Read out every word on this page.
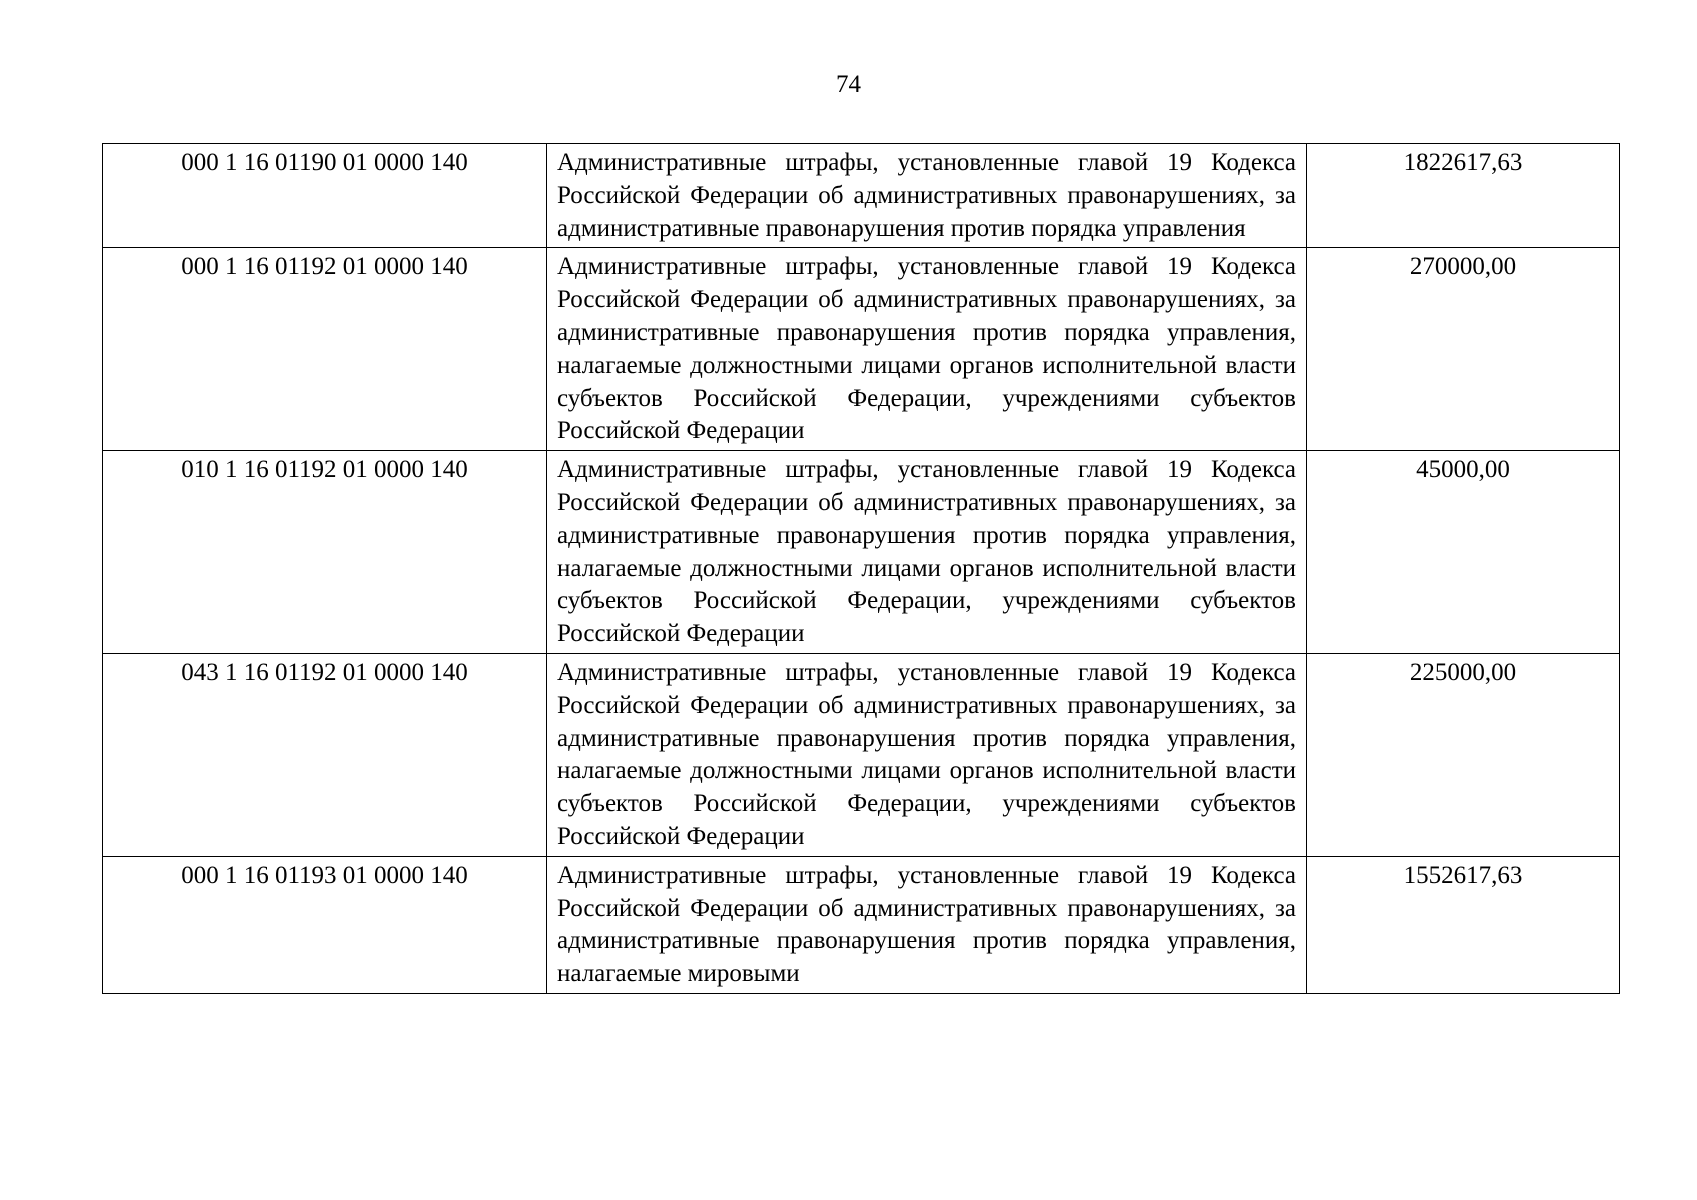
74
000 1 16 01190 01 0000 140	Административные штрафы, установленные главой 19 Кодекса Российской Федерации об административных правонарушениях, за административные правонарушения против порядка управления	1822617,63
000 1 16 01192 01 0000 140	Административные штрафы, установленные главой 19 Кодекса Российской Федерации об административных правонарушениях, за административные правонарушения против порядка управления, налагаемые должностными лицами органов исполнительной власти субъектов Российской Федерации, учреждениями субъектов Российской Федерации	270000,00
010 1 16 01192 01 0000 140	Административные штрафы, установленные главой 19 Кодекса Российской Федерации об административных правонарушениях, за административные правонарушения против порядка управления, налагаемые должностными лицами органов исполнительной власти субъектов Российской Федерации, учреждениями субъектов Российской Федерации	45000,00
043 1 16 01192 01 0000 140	Административные штрафы, установленные главой 19 Кодекса Российской Федерации об административных правонарушениях, за административные правонарушения против порядка управления, налагаемые должностными лицами органов исполнительной власти субъектов Российской Федерации, учреждениями субъектов Российской Федерации	225000,00
000 1 16 01193 01 0000 140	Административные штрафы, установленные главой 19 Кодекса Российской Федерации об административных правонарушениях, за административные правонарушения против порядка управления, налагаемые мировыми	1552617,63
